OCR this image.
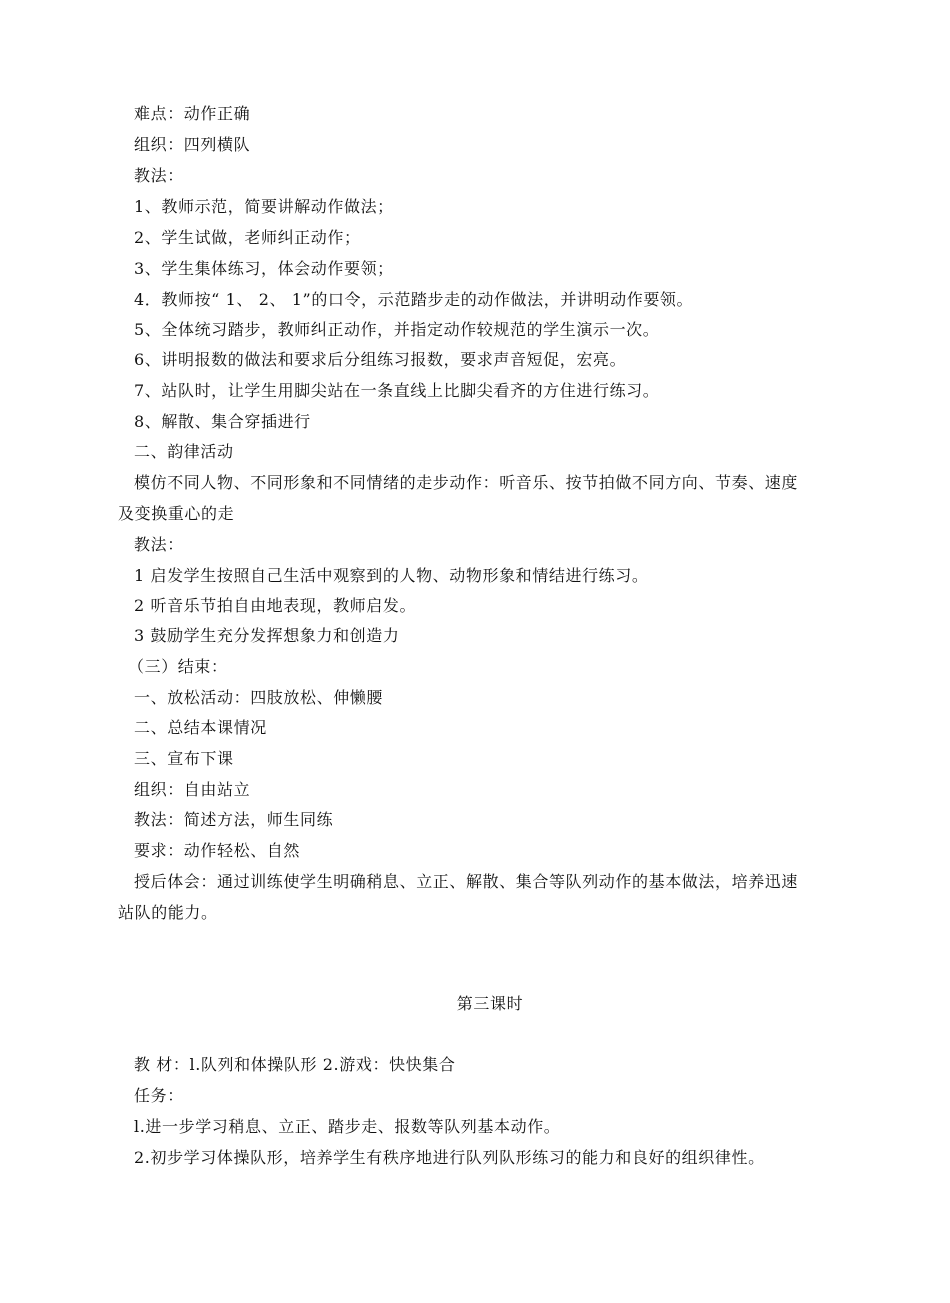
难点：动作正确
组织：四列横队
教法：
1、教师示范，简要讲解动作做法；
2、学生试做，老师纠正动作；
3、学生集体练习，体会动作要领；
4．教师按“ 1、 2、 1”的口令，示范踏步走的动作做法，并讲明动作要领。
5、全体统习踏步，教师纠正动作，并指定动作较规范的学生演示一次。
6、讲明报数的做法和要求后分组练习报数，要求声音短促，宏亮。
7、站队时，让学生用脚尖站在一条直线上比脚尖看齐的方住进行练习。
8、解散、集合穿插进行
二、韵律活动
模仿不同人物、不同形象和不同情绪的走步动作：听音乐、按节拍做不同方向、节奏、速度
及变换重心的走
教法：
1 启发学生按照自己生活中观察到的人物、动物形象和情结进行练习。
2 听音乐节拍自由地表现，教师启发。
3 鼓励学生充分发挥想象力和创造力
（三）结束：
一、放松活动：四肢放松、伸懒腰
二、总结本课情况
三、宣布下课
组织：自由站立
教法：简述方法，师生同练
要求：动作轻松、自然
授后体会：通过训练使学生明确稍息、立正、解散、集合等队列动作的基本做法，培养迅速
站队的能力。
第三课时
教 材：l.队列和体操队形 2.游戏：快快集合
任务：
l.进一步学习稍息、立正、踏步走、报数等队列基本动作。
2.初步学习体操队形，培养学生有秩序地进行队列队形练习的能力和良好的组织律性。
